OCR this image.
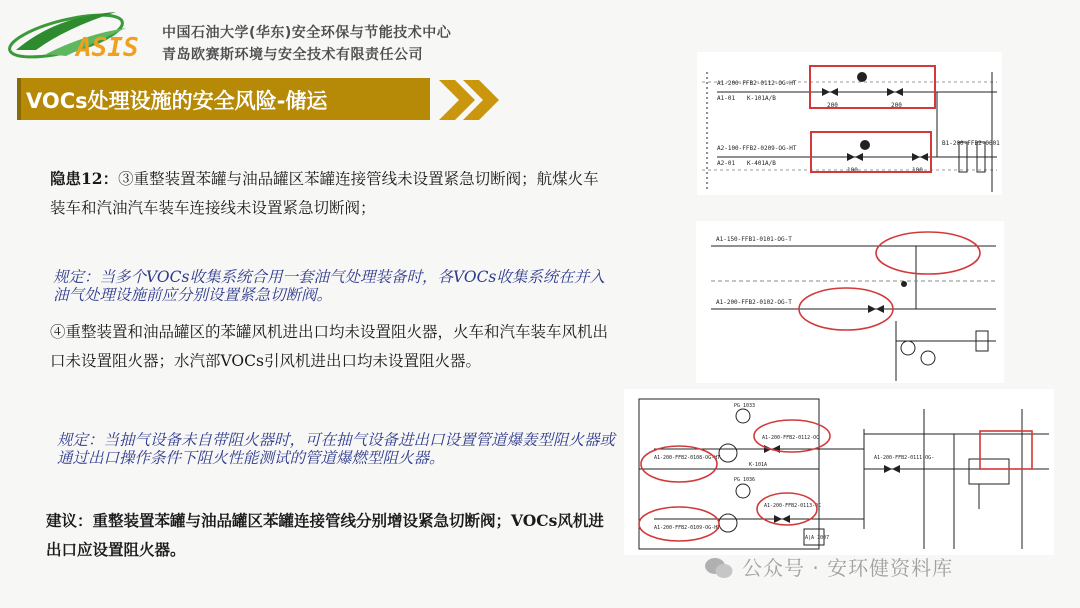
ASIS 中国石油大学(华东)安全环保与节能技术中心
青岛欧赛斯环境与安全技术有限责任公司
VOCs处理设施的安全风险-储运
隐患12：③重整装置苯罐与油品罐区苯罐连接管线未设置紧急切断阀；航煤火车装车和汽油汽车装车连接线未设置紧急切断阀；
规定：当多个VOCs收集系统合用一套油气处理装备时，各VOCs收集系统在并入油气处理设施前应分别设置紧急切断阀。
④重整装置和油品罐区的苯罐风机进出口均未设置阻火器，火车和汽车装车风机出口未设置阻火器；水汽部VOCs引风机进出口均未设置阻火器。
规定：当抽气设备未自带阻火器时，可在抽气设备进出口设置管道爆轰型阻火器或通过出口操作条件下阻火性能测试的管道爆燃型阻火器。
建议：重整装置苯罐与油品罐区苯罐连接管线分别增设紧急切断阀；VOCs风机进出口应设置阻火器。
A1-200-FFB2-0112-OG-HT
A1-01 K-101A/B
A2-100-FFB2-0209-OG-HT
A2-01 K-401A/B
B1-200-FFB2-0601
200	200
100	100
A1-150-FFB1-0101-OG-T
A1-200-FFB2-0102-OG-T
A1-200-FFB2-0108-OG-HT
A1-200-FFB2-0109-OG-HT
A1-200-FFB2-0112-OC
A1-200-FFB2-0113-OC
A1-200-FFB2-0111-OG-
K-101A
PG 1033
PG 1036
A|A 1007
公众号 · 安环健资料库
